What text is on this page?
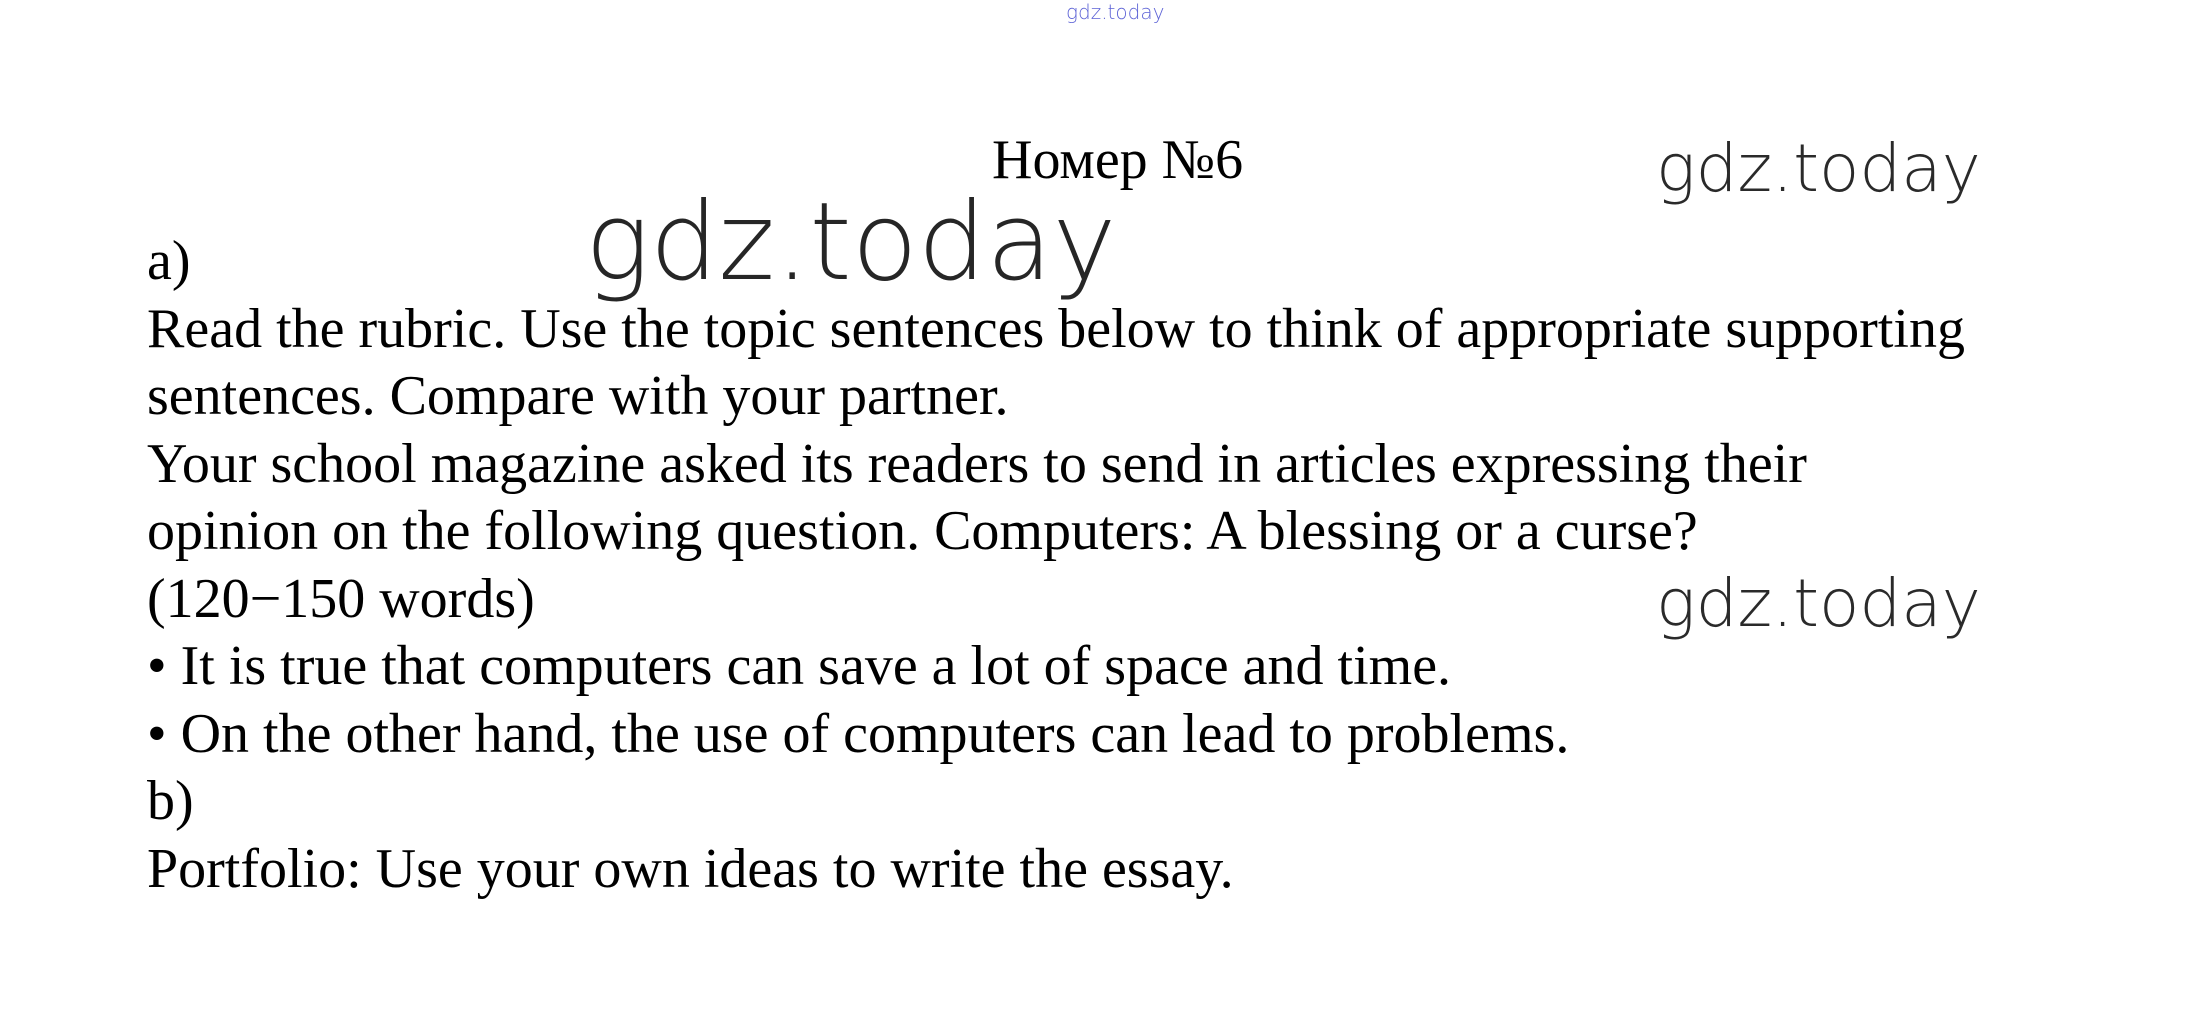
gdz.today
Номер №6	gdz.today
a)
Read the rubric. Use the topic sentences below to think of appropriate supporting
sentences. Compare with your partner.
Your school magazine asked its readers to send in articles expressing their
opinion on the following question. Computers: A blessing or a curse?
(120−150 words)
• It is true that computers can save a lot of space and time.
• On the other hand, the use of computers can lead to problems.
b)
Portfolio: Use your own ideas to write the essay.
gdz.today
gdz.today
